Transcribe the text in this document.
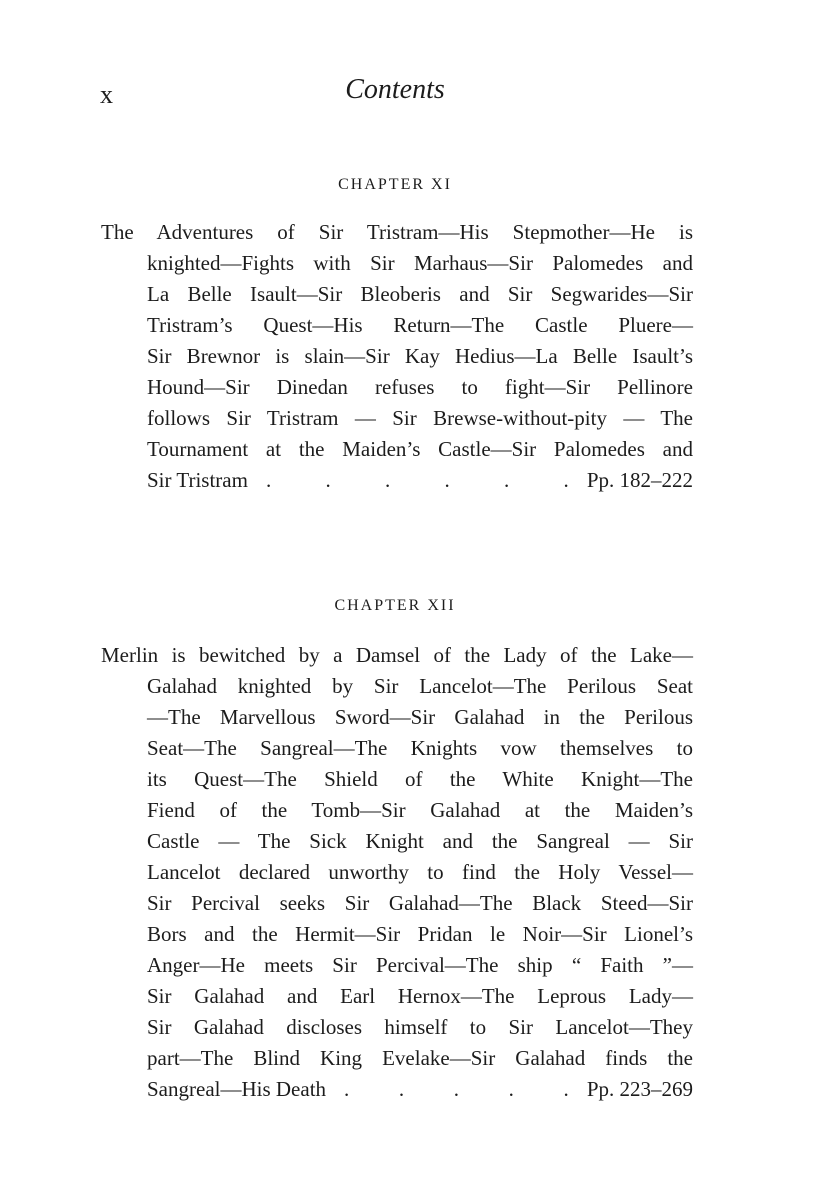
x	Contents
CHAPTER XI
The Adventures of Sir Tristram—His Stepmother—He is
knighted—Fights with Sir Marhaus—Sir Palomedes and
La Belle Isault—Sir Bleoberis and Sir Segwarides—Sir
Tristram’s Quest—His Return—The Castle Pluere—
Sir Brewnor is slain—Sir Kay Hedius—La Belle Isault’s
Hound—Sir Dinedan refuses to fight—Sir Pellinore
follows Sir Tristram — Sir Brewse-without-pity — The
Tournament at the Maiden’s Castle—Sir Palomedes and
Sir Tristram .	.	.	.	.	. Pp. 182–222
CHAPTER XII
Merlin is bewitched by a Damsel of the Lady of the Lake—
Galahad knighted by Sir Lancelot—The Perilous Seat
—The Marvellous Sword—Sir Galahad in the Perilous
Seat—The Sangreal—The Knights vow themselves to
its Quest—The Shield of the White Knight—The
Fiend of the Tomb—Sir Galahad at the Maiden’s
Castle — The Sick Knight and the Sangreal — Sir
Lancelot declared unworthy to find the Holy Vessel—
Sir Percival seeks Sir Galahad—The Black Steed—Sir
Bors and the Hermit—Sir Pridan le Noir—Sir Lionel’s
Anger—He meets Sir Percival—The ship “ Faith ”—
Sir Galahad and Earl Hernox—The Leprous Lady—
Sir Galahad discloses himself to Sir Lancelot—They
part—The Blind King Evelake—Sir Galahad finds the
Sangreal—His Death . . . . . Pp. 223–269
